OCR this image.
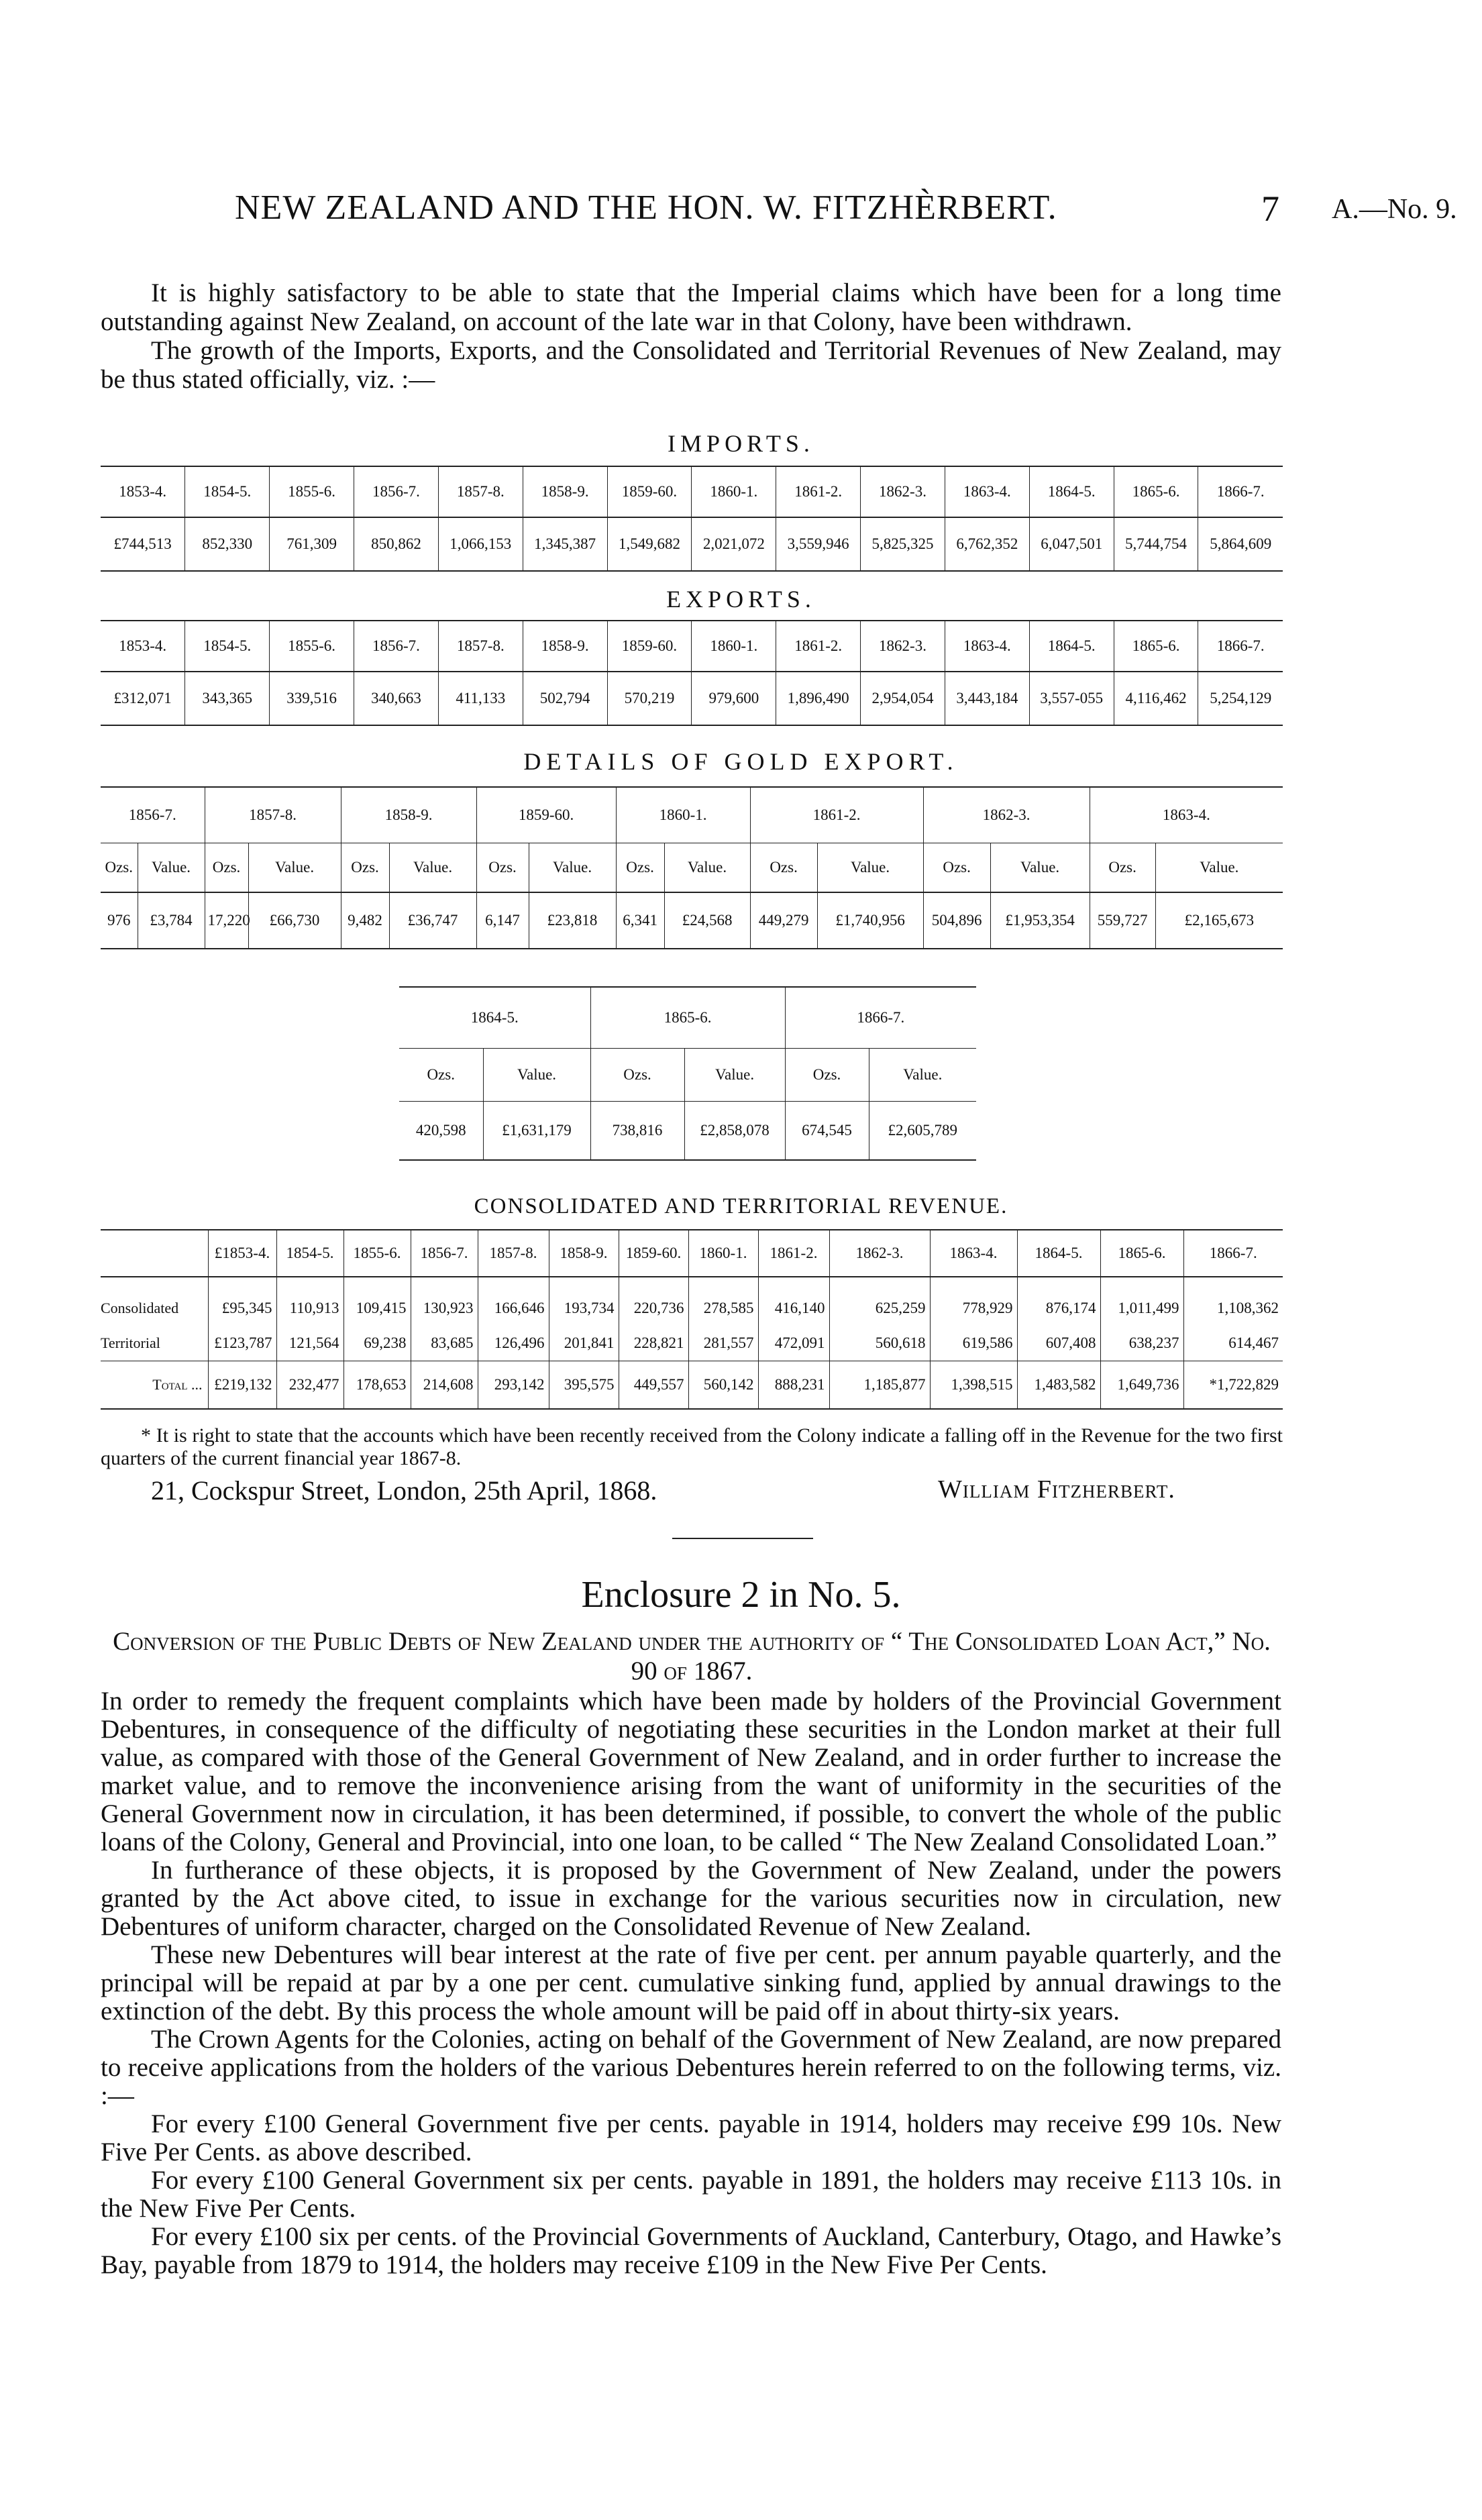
NEW ZEALAND AND THE HON. W. FITZHÈRBERT.	7 A.—No. 9.

It is highly satisfactory to be able to state that the Imperial claims which have been for a long time outstanding against New Zealand, on account of the late war in that Colony, have been withdrawn.

The growth of the Imports, Exports, and the Consolidated and Territorial Revenues of New Zealand, may be thus stated officially, viz. :—

IMPORTS.
1853-4.	1854-5.	1855-6.	1856-7.	1857-8.	1858-9.	1859-60.	1860-1.	1861-2.	1862-3.	1863-4.	1864-5.	1865-6.	1866-7.
£744,513	852,330	761,309	850,862	1,066,153	1,345,387	1,549,682	2,021,072	3,559,946	5,825,325	6,762,352	6,047,501	5,744,754	5,864,609
EXPORTS.
1853-4.	1854-5.	1855-6.	1856-7.	1857-8.	1858-9.	1859-60.	1860-1.	1861-2.	1862-3.	1863-4.	1864-5.	1865-6.	1866-7.
£312,071	343,365	339,516	340,663	411,133	502,794	570,219	979,600	1,896,490	2,954,054	3,443,184	3,557-055	4,116,462	5,254,129
DETAILS OF GOLD EXPORT.
1856-7.		1857-8.		1858-9.		1859-60.		1860-1.		1861-2.		1862-3.		1863-4.	
Ozs.	Value.	Ozs.	Value.	Ozs.	Value.	Ozs.	Value.	Ozs.	Value.	Ozs.	Value.	Ozs.	Value.	Ozs.	Value.
976	£3,784	17,220	£66,730	9,482	£36,747	6,147	£23,818	6,341	£24,568	449,279	£1,740,956	504,896	£1,953,354	559,727	£2,165,673
1864-5.		1865-6.		1866-7.	
Ozs.	Value.	Ozs.	Value.	Ozs.	Value.
420,598	£1,631,179	738,816	£2,858,078	674,545	£2,605,789
CONSOLIDATED AND TERRITORIAL REVENUE.
	£1853-4.	1854-5.	1855-6.	1856-7.	1857-8.	1858-9.	1859-60.	1860-1.	1861-2.	1862-3.	1863-4.	1864-5.	1865-6.	1866-7.

Consolidated	£95,345	110,913	109,415	130,923	166,646	193,734	220,736	278,585	416,140	625,259	778,929	876,174	1,011,499	1,108,362
Territorial	£123,787	121,564	69,238	83,685	126,496	201,841	228,821	281,557	472,091	560,618	619,586	607,408	638,237	614,467
Total ...	£219,132	232,477	178,653	214,608	293,142	395,575	449,557	560,142	888,231	1,185,877	1,398,515	1,483,582	1,649,736	*1,722,829
* It is right to state that the accounts which have been recently received from the Colony indicate a falling off in the Revenue for the two first quarters of the current financial year 1867-8.
21, Cockspur Street, London, 25th April, 1868.	William Fitzherbert.
Enclosure 2 in No. 5.
Conversion of the Public Debts of New Zealand under the authority of “ The Consolidated Loan Act,” No. 90 of 1867.

In order to remedy the frequent complaints which have been made by holders of the Provincial Government Debentures, in consequence of the difficulty of negotiating these securities in the London market at their full value, as compared with those of the General Government of New Zealand, and in order further to increase the market value, and to remove the inconvenience arising from the want of uniformity in the securities of the General Government now in circulation, it has been determined, if possible, to convert the whole of the public loans of the Colony, General and Provincial, into one loan, to be called “ The New Zealand Consolidated Loan.”

In furtherance of these objects, it is proposed by the Government of New Zealand, under the powers granted by the Act above cited, to issue in exchange for the various securities now in circulation, new Debentures of uniform character, charged on the Consolidated Revenue of New Zealand.

These new Debentures will bear interest at the rate of five per cent. per annum payable quarterly, and the principal will be repaid at par by a one per cent. cumulative sinking fund, applied by annual drawings to the extinction of the debt. By this process the whole amount will be paid off in about thirty-six years.

The Crown Agents for the Colonies, acting on behalf of the Government of New Zealand, are now prepared to receive applications from the holders of the various Debentures herein referred to on the following terms, viz. :—

For every £100 General Government five per cents. payable in 1914, holders may receive £99 10s. New Five Per Cents. as above described.

For every £100 General Government six per cents. payable in 1891, the holders may receive £113 10s. in the New Five Per Cents.

For every £100 six per cents. of the Provincial Governments of Auckland, Canterbury, Otago, and Hawke’s Bay, payable from 1879 to 1914, the holders may receive £109 in the New Five Per Cents.
